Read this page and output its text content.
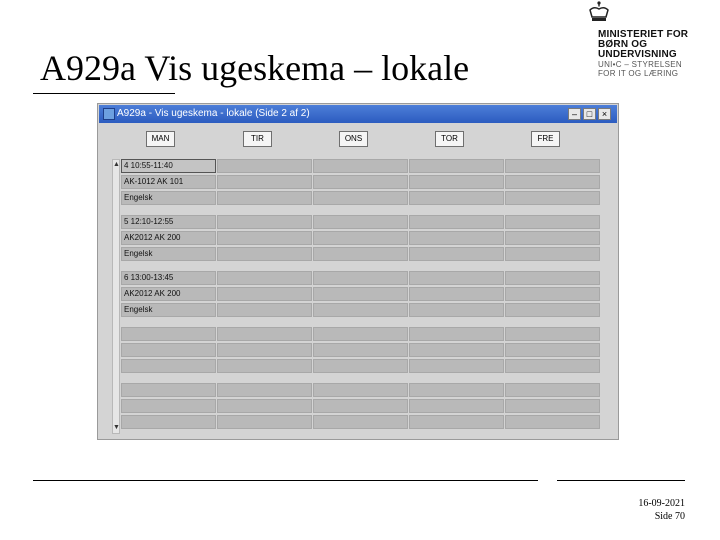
A929a Vis ugeskema – lokale
MINISTERIET FOR
BØRN OG
UNDERVISNING
UNI•C – STYRELSEN
FOR IT OG LÆRING
A929a - Vis ugeskema - lokale (Side 2 af 2)	–	□	×
MAN	TIR	ONS	TOR	FRE
▲
▼
4 10:55-11:40
AK-1012 AK 101
Engelsk
5 12:10-12:55
AK2012 AK 200
Engelsk
6 13:00-13:45
AK2012 AK 200
Engelsk
16-09-2021
Side 70
